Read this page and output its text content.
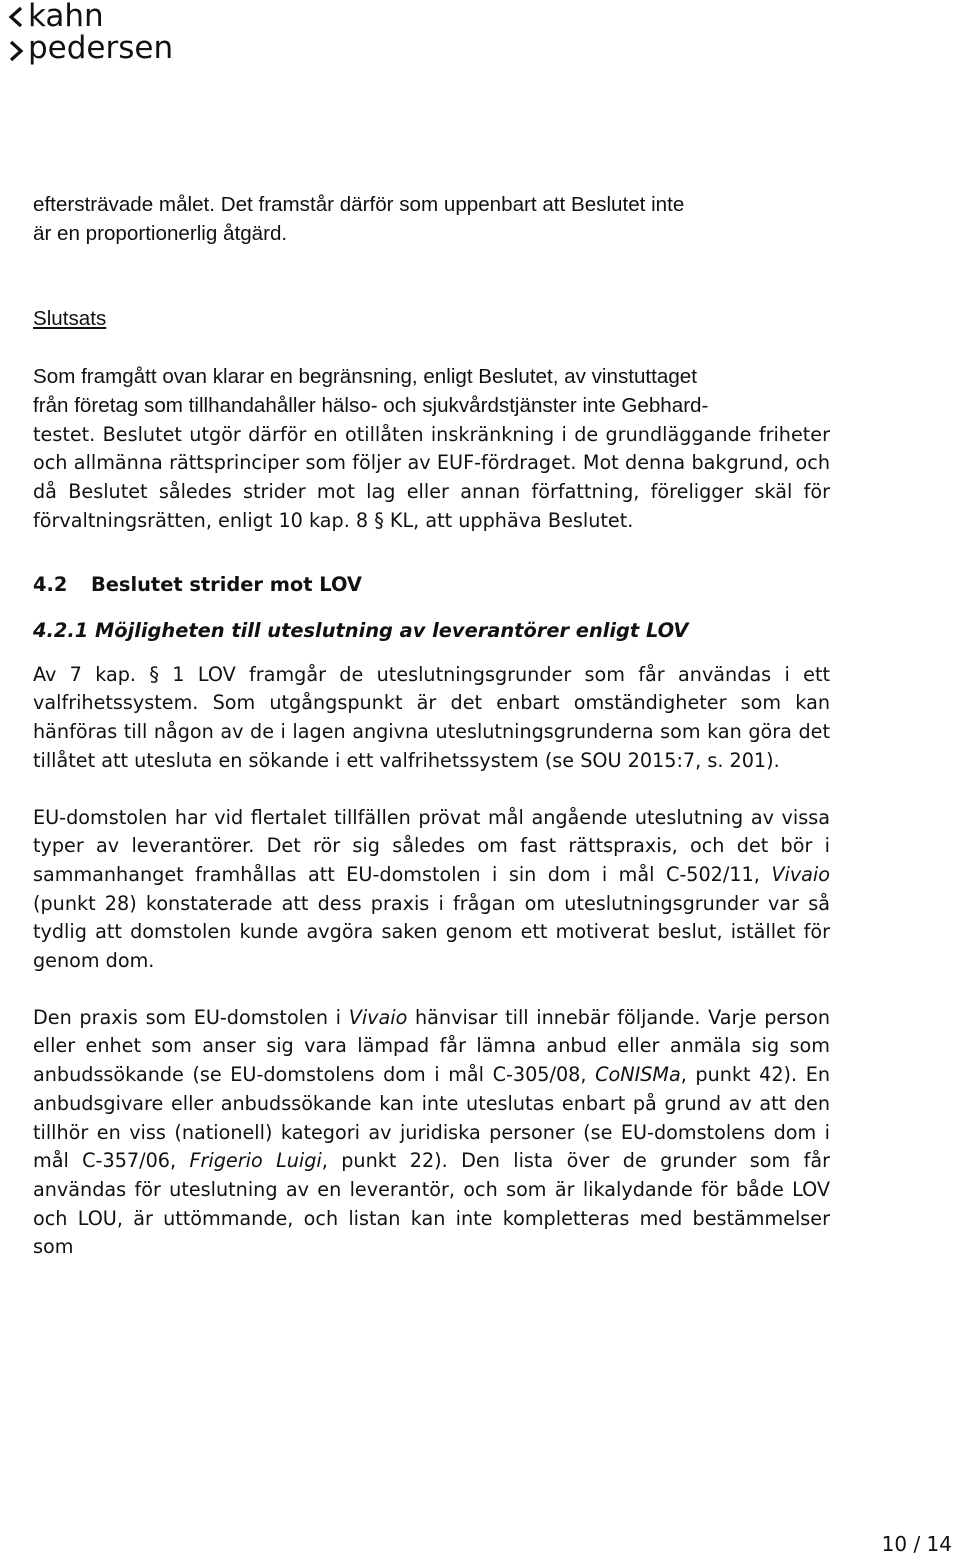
kahn
pedersen

eftersträvade målet. Det framstår därför som uppenbart att Beslutet inte
är en proportionerlig åtgärd.

Slutsats

Som framgått ovan klarar en begränsning, enligt Beslutet, av vinstuttaget
från företag som tillhandahåller hälso- och sjukvårdstjänster inte Gebhard-

testet. Beslutet utgör därför en otillåten inskränkning i de grundläggande friheter och allmänna rättsprinciper som följer av EUF-fördraget. Mot denna bakgrund, och då Beslutet således strider mot lag eller annan författning, föreligger skäl för förvaltningsrätten, enligt 10 kap. 8 § KL, att upphäva Beslutet.

4.2 Beslutet strider mot LOV
4.2.1 Möjligheten till uteslutning av leverantörer enligt LOV

Av 7 kap. § 1 LOV framgår de uteslutningsgrunder som får användas i ett valfrihetssystem. Som utgångspunkt är det enbart omständigheter som kan hänföras till någon av de i lagen angivna uteslutningsgrunderna som kan göra det tillåtet att utesluta en sökande i ett valfrihetssystem (se SOU 2015:7, s. 201).

EU-domstolen har vid flertalet tillfällen prövat mål angående uteslutning av vissa typer av leverantörer. Det rör sig således om fast rättspraxis, och det bör i sammanhanget framhållas att EU-domstolen i sin dom i mål C-502/11, Vivaio (punkt 28) konstaterade att dess praxis i frågan om uteslutningsgrunder var så tydlig att domstolen kunde avgöra saken genom ett motiverat beslut, istället för genom dom.

Den praxis som EU-domstolen i Vivaio hänvisar till innebär följande. Varje person eller enhet som anser sig vara lämpad får lämna anbud eller anmäla sig som anbudssökande (se EU-domstolens dom i mål C-305/08, CoNISMa, punkt 42). En anbudsgivare eller anbudssökande kan inte uteslutas enbart på grund av att den tillhör en viss (nationell) kategori av juridiska personer (se EU-domstolens dom i mål C-357/06, Frigerio Luigi, punkt 22). Den lista över de grunder som får användas för uteslutning av en leverantör, och som är likalydande för både LOV och LOU, är uttömmande, och listan kan inte kompletteras med bestämmelser som

10 / 14
